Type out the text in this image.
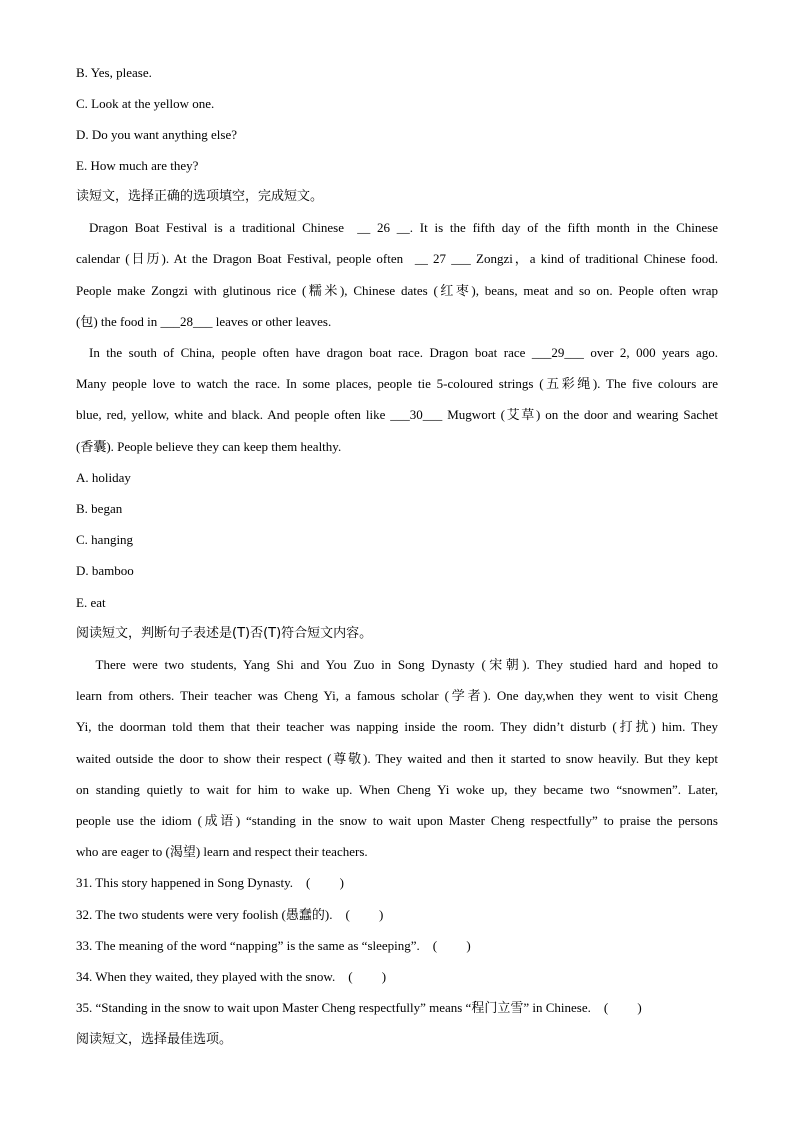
B. Yes, please.
C. Look at the yellow one.
D. Do you want anything else?
E. How much are they?
读短文，选择正确的选项填空，完成短文。
 Dragon Boat Festival is a traditional Chinese  __ 26 __. It is the fifth day of the fifth month in the Chinese
calendar (日历). At the Dragon Boat Festival, people often  __ 27 ___ Zongzi，a kind of traditional Chinese food.
People make Zongzi with glutinous rice (糯米), Chinese dates (红枣), beans, meat and so on. People often wrap
(包) the food in ___28___ leaves or other leaves.
 In the south of China, people often have dragon boat race. Dragon boat race ___29___ over 2, 000 years ago.
Many people love to watch the race. In some places, people tie 5-coloured strings (五彩绳). The five colours are
blue, red, yellow, white and black. And people often like ___30___ Mugwort (艾草) on the door and wearing Sachet
(香囊). People believe they can keep them healthy.
A. holiday
B. began
C. hanging
D. bamboo
E. eat
阅读短文，判断句子表述是(T)否(T)符合短文内容。
  There were two students, Yang Shi and You Zuo in Song Dynasty (宋朝). They studied hard and hoped to
learn from others. Their teacher was Cheng Yi, a famous scholar (学者). One day,when they went to visit Cheng
Yi, the doorman told them that their teacher was napping inside the room. They didn’t disturb (打扰) him. They
waited outside the door to show their respect (尊敬). They waited and then it started to snow heavily. But they kept
on standing quietly to wait for him to wake up. When Cheng Yi woke up, they became two “snowmen”. Later,
people use the idiom (成语) “standing in the snow to wait upon Master Cheng respectfully” to praise the persons
who are eager to (渴望) learn and respect their teachers.
31. This story happened in Song Dynasty. (   )
32. The two students were very foolish (愚蠢的). (   )
33. The meaning of the word “napping” is the same as “sleeping”. (   )
34. When they waited, they played with the snow. (   )
35. “Standing in the snow to wait upon Master Cheng respectfully” means “程门立雪” in Chinese. (   )
阅读短文，选择最佳选项。
